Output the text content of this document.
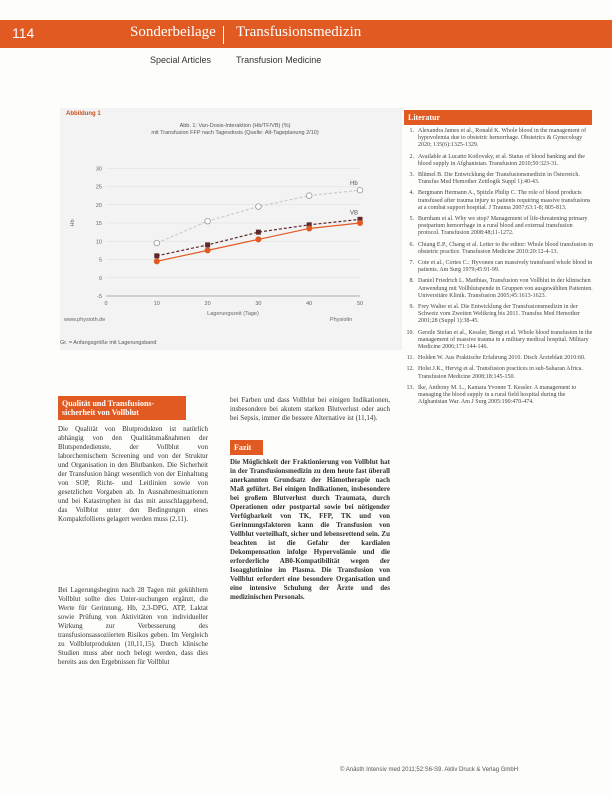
114	Sonderbeilage Transfusionsmedizin
Special Articles	Transfusion Medicine
Abbildung 1
Abb. 1: Van-Dosis-Interaktion (Hb/TF/VB) (%)
mit Transfusion FFP nach Tagesdosis (Quelle: Alt-Tageplanung 2/10)
-5
0
5
10
15
20
25
30
0	10	20	30	40	50
Lagerungszeit (Tage)
Hb
Hb
VB
www.physioth.de	Physiolin
Gr. = Anfangsgröße mit Lagerungsband
Qualität und Transfusions-
sicherheit von Vollblut
Die Qualität von Blutprodukten ist natürlich abhängig von den Qualitätsmaßnahmen der Blutspendedienste, der Vollblut von laborchemischem Screening und von der Struktur und Organisation in den Blutbanken. Die Sicherheit der Transfusion hängt wesentlich von der Einhaltung von SOP, Richt- und Leitlinien sowie von gesetzlichen Vorgaben ab. In Ausnahmesituationen und bei Katastrophen ist das mit ausschlaggebend, das Vollblut unter den Bedingungen eines Kompaktfolliens gelagert werden muss (2,11).
Bei Lagerungsbeginn nach 28 Tagen mit gekühltem Vollblut sollte dies Unter-suchungen ergänzt, die Werte für Gerinnung, Hb, 2,3-DPG, ATP, Laktat sowie Prüfung von Aktivitäten von individueller Wirkung zur Verbesserung des transfusionsassoziierten Risikos geben. Im Vergleich zu Vollblutprodukten (10,11,15). Durch klinische Studien muss aber noch belegt werden, dass dies bereits aus den Ergebnissen für Vollblut
bei Farben und dass Vollblut bei einigen Indikationen, insbesondere bei akutem starken Blutverlust oder auch bei Sepsis, immer die bessere Alternative ist (11,14).
Fazit
Die Möglichkeit der Fraktionierung von Vollblut hat in der Transfusionsmedizin zu dem heute fast überall anerkannten Grundsatz der Hämotherapie nach Maß geführt. Bei einigen Indikationen, insbesondere bei großem Blutverlust durch Traumata, durch Operationen oder postpartal sowie bei nötigender Verfügbarkeit von TK, FFP, TK und von Gerinnungsfaktoren kann die Transfusion von Vollblut vorteilhaft, sicher und lebensrettend sein. Zu beachten ist die Gefahr der kardialen Dekompensation infolge Hypervolämie und die erforderliche AB0-Kompatibilität wegen der Isoagglutinine im Plasma. Die Transfusion von Vollblut erfordert eine besondere Organisation und eine intensive Schulung der Ärzte und des medizinischen Personals.
Literatur
1. Alexandra James et al., Ronald K. Whole blood in the management of hypovolemia due to obstetric hemorrhage. Obstetrics & Gynecology 2020; 135(6):1325-1329.
2. Available at Lucatto Kotlovsky, et al. Status of blood banking and the blood supply in Afghanistan. Transfusion 2010;50:323-31.
3. Blümel B. Die Entwicklung der Transfusionsmedizin in Österreich. Transfus Med Hemother Zeitlogik Suppl 1):40-43.
4. Bergmann Hermann A., Spitzle Philip C. The role of blood products transfused after trauma injury to patients requiring massive transfusions at a combat support hospital. J Trauma 2007;63:1-8; 805-813.
5. Burnham et al. Why we stop? Management of life-threatening primary postpartum hemorrhage in a rural blood and external transfusion protocol. Transfusion 2008:48;11-1272.
6. Chiang E.P., Chang et al. Letter to the editor: Whole blood transfusion in obstetric practice. Transfusion Medicine 2010:20:12-4-13.
7. Cote et al., Cortes C.: Hyvonen can massively transfused whole blood in patients. Am Surg 1979;45:91-99.
8. Daniel Friedrich L. Matthias, Transfusion von Vollblut in der klinischen Anwendung mit Vollblutspende in Gruppen von ausgewählten Patienten. Universitäre Klinik. Transfusion 2005;45:1613-1623.
9. Frey Walter et al. Die Entwicklung der Transfusionsmedizin in der Schweiz vom Zweiten Weltkrieg bis 2011. Transfus Med Hemother 2001;28 (Suppl 1):38-45.
10. Gerstle Stefan et al., Kessler, Bengt et al. Whole blood transfusion in the management of massive trauma in a military medical hospital. Military Medicine 2006;171:144-146.
11. Holden W. Aus Praktische Erfahrung 2010. Dtsch Ärzteblatt 2010:60.
12. Holst J.K., Hervig et al. Transfusion practices in sub-Saharan Africa. Transfusion Medicine 2008;18:145-150.
13. Ike, Anthony M. L., Kamara Yvonne T. Kessler. A management to managing the blood supply in a rural field hospital during the Afghanistan War. Am J Surg 2005:190:470-474.
© Anästh Intensiv med 2011;52:S6-S9. Aktiv Druck & Verlag GmbH
